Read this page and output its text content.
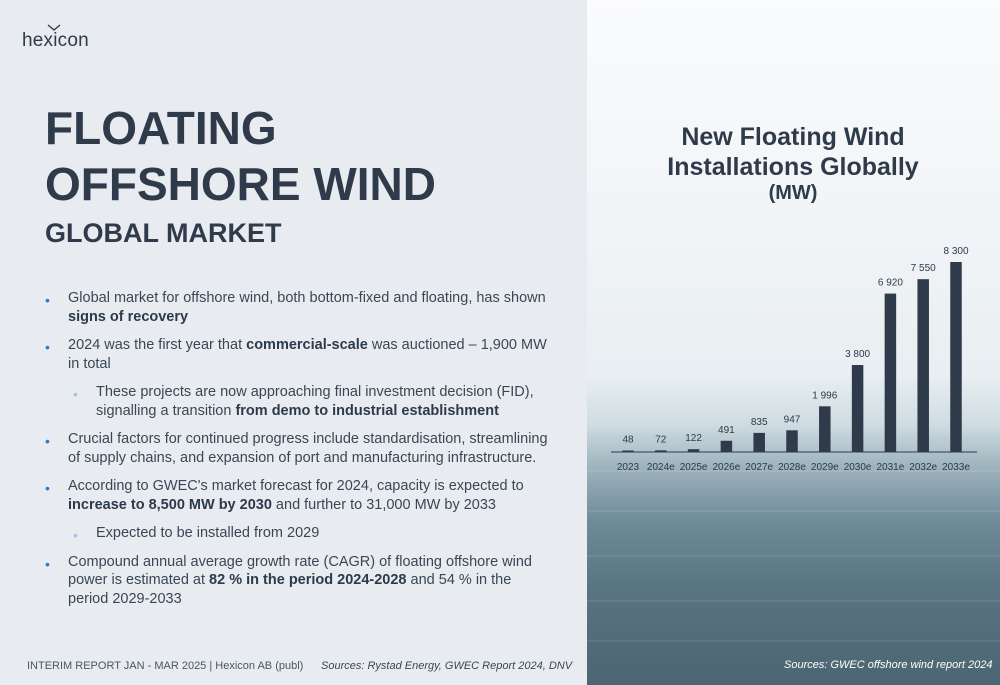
hexicon
FLOATING
OFFSHORE WIND
GLOBAL MARKET
• Global market for offshore wind, both bottom-fixed and floating, has shown signs of recovery
• 2024 was the first year that commercial-scale was auctioned – 1,900 MW in total
• These projects are now approaching final investment decision (FID), signalling a transition from demo to industrial establishment
• Crucial factors for continued progress include standardisation, streamlining of supply chains, and expansion of port and manufacturing infrastructure.
• According to GWEC's market forecast for 2024, capacity is expected to increase to 8,500 MW by 2030 and further to 31,000 MW by 2033
• Expected to be installed from 2029
• Compound annual average growth rate (CAGR) of floating offshore wind power is estimated at 82 % in the period 2024-2028 and 54 % in the period 2029-2033
INTERIM REPORT JAN - MAR 2025 | Hexicon AB (publ) Sources: Rystad Energy, GWEC Report 2024, DNV
New Floating Wind Installations Globally
(MW)
48
2023
72
2024e
122
2025e
491
2026e
835
2027e
947
2028e
1 996
2029e
3 800
2030e
6 920
2031e
7 550
2032e
8 300
2033e
Sources: GWEC offshore wind report 2024
